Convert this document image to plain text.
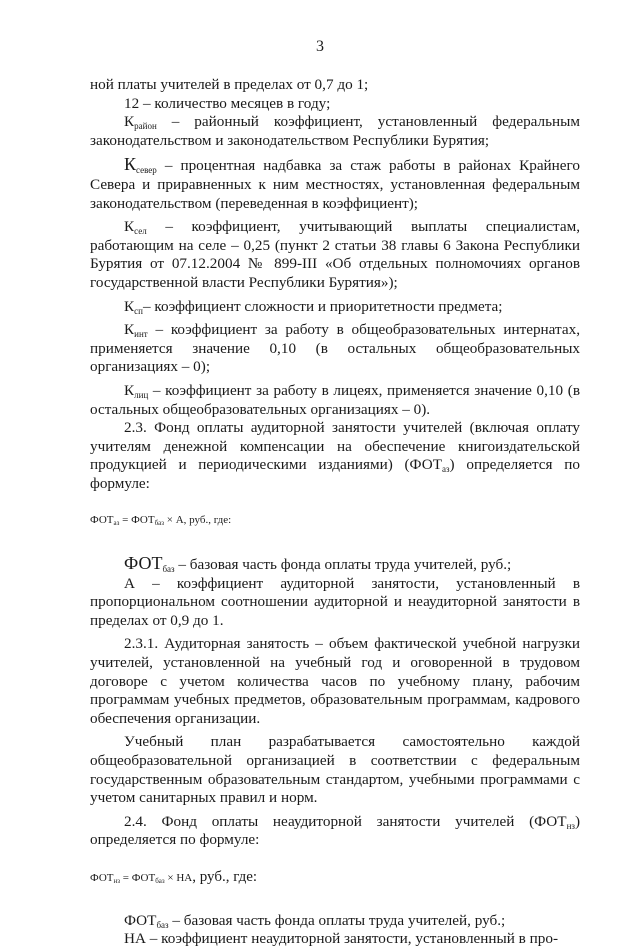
3

ной платы учителей в пределах от 0,7 до 1;

12 – количество месяцев в году;

$К_{район}$ – районный коэффициент, установленный федеральным законодательством и законодательством Республики Бурятия;

$К_{север}$ – процентная надбавка за стаж работы в районах Крайнего Севера и приравненных к ним местностях, установленная федеральным законодательством (переведенная в коэффициент);

$К_{сел}$ – коэффициент, учитывающий выплаты специалистам, работающим на селе – 0,25 (пункт 2 статьи 38 главы 6 Закона Республики Бурятия от 07.12.2004 № 899-III «Об отдельных полномочиях органов государственной власти Республики Бурятия»);

$К_{сп}-$ коэффициент сложности и приоритетности предмета;

$К_{инт}$ – коэффициент за работу в общеобразовательных интернатах, применяется значение 0,10 (в остальных общеобразовательных организациях – 0);

$К_{лиц}$ – коэффициент за работу в лицеях, применяется значение 0,10 (в остальных общеобразовательных организациях – 0).

2.3. Фонд оплаты аудиторной занятости учителей (включая оплату учителям денежной компенсации на обеспечение книгоиздательской продукцией и периодическими изданиями) $(ФОТ_{аз})$ определяется по формуле:

$ФОТ_{аз} = ФОТ_{баз} \times А$, руб., где:

$ФОТ_{баз}$ – базовая часть фонда оплаты труда учителей, руб.;

А – коэффициент аудиторной занятости, установленный в пропорциональном соотношении аудиторной и неаудиторной занятости в пределах от 0,9 до 1.

2.3.1. Аудиторная занятость – объем фактической учебной нагрузки учителей, установленной на учебный год и оговоренной в трудовом договоре с учетом количества часов по учебному плану, рабочим программам учебных предметов, образовательным программам, кадрового обеспечения организации.

Учебный план разрабатывается самостоятельно каждой общеобразовательной организацией в соответствии с федеральным государственным образовательным стандартом, учебными программами с учетом санитарных правил и норм.

2.4. Фонд оплаты неаудиторной занятости учителей $(ФОТ_{нз})$ определяется по формуле:

$ФОТ_{нз} = ФОТ_{баз}$ × НА, руб., где:

$ФОТ_{баз}$ – базовая часть фонда оплаты труда учителей, руб.;

НА – коэффициент неаудиторной занятости, установленный в про-
